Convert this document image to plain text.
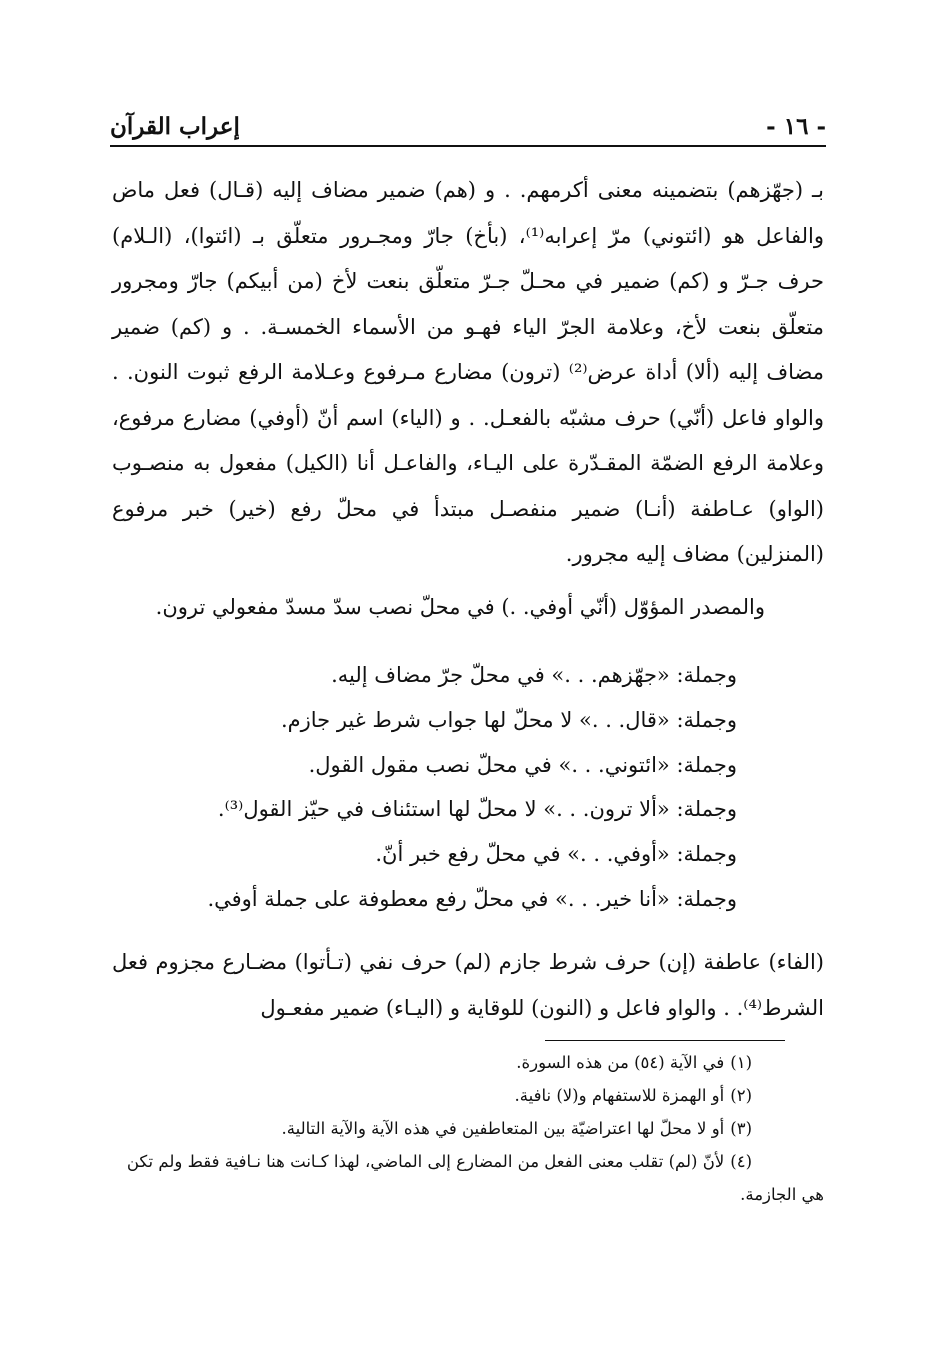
- ١٦ -
إعراب القرآن

بـ (جهّزهم) بتضمينه معنى أكرمهم. . و (هم) ضمير مضاف إليه (قـال) فعل ماض والفاعل هو (ائتوني) مرّ إعرابه⁽¹⁾، (بأخ) جارّ ومجـرور متعلّق بـ (ائتوا)، (الـلام) حرف جـرّ و (كم) ضمير في محـلّ جـرّ متعلّق بنعت لأخ (من أبيكم) جارّ ومجرور متعلّق بنعت لأخ، وعلامة الجرّ الياء فهـو من الأسماء الخمسـة. . و (كم) ضمير مضاف إليه (ألا) أداة عرض⁽²⁾ (ترون) مضارع مـرفوع وعـلامة الرفع ثبوت النون. . والواو فاعل (أنّي) حرف مشبّه بالفعـل. . و (الياء) اسم أنّ (أوفي) مضارع مرفوع، وعلامة الرفع الضمّة المقـدّرة على اليـاء، والفاعـل أنا (الكيل) مفعول به منصـوب (الواو) عـاطفة (أنـا) ضمير منفصـل مبتدأ في محلّ رفع (خير) خبر مرفوع (المنزلين) مضاف إليه مجرور.

والمصدر المؤوّل (أنّي أوفي. .) في محلّ نصب سدّ مسدّ مفعولي ترون.

وجملة: «جهّزهم. . .» في محلّ جرّ مضاف إليه.
وجملة: «قال. . .» لا محلّ لها جواب شرط غير جازم.
وجملة: «ائتوني. . .» في محلّ نصب مقول القول.
وجملة: «ألا ترون. . .» لا محلّ لها استئناف في حيّز القول⁽³⁾.
وجملة: «أوفي. . .» في محلّ رفع خبر أنّ.
وجملة: «أنا خير. . .» في محلّ رفع معطوفة على جملة أوفي.

(الفاء) عاطفة (إن) حرف شرط جازم (لم) حرف نفي (تـأتوا) مضـارع مجزوم فعل الشرط⁽⁴⁾. . والواو فاعل و (النون) للوقاية و (اليـاء) ضمير مفعـول

(١)في الآية (٥٤) من هذه السورة.
(٢)أو الهمزة للاستفهام و(لا) نافية.
(٣)أو لا محلّ لها اعتراضيّة بين المتعاطفين في هذه الآية والآية التالية.
(٤)لأنّ (لم) تقلب معنى الفعل من المضارع إلى الماضي، لهذا كـانت هنا نـافية فقط ولم تكن
هي الجازمة.
